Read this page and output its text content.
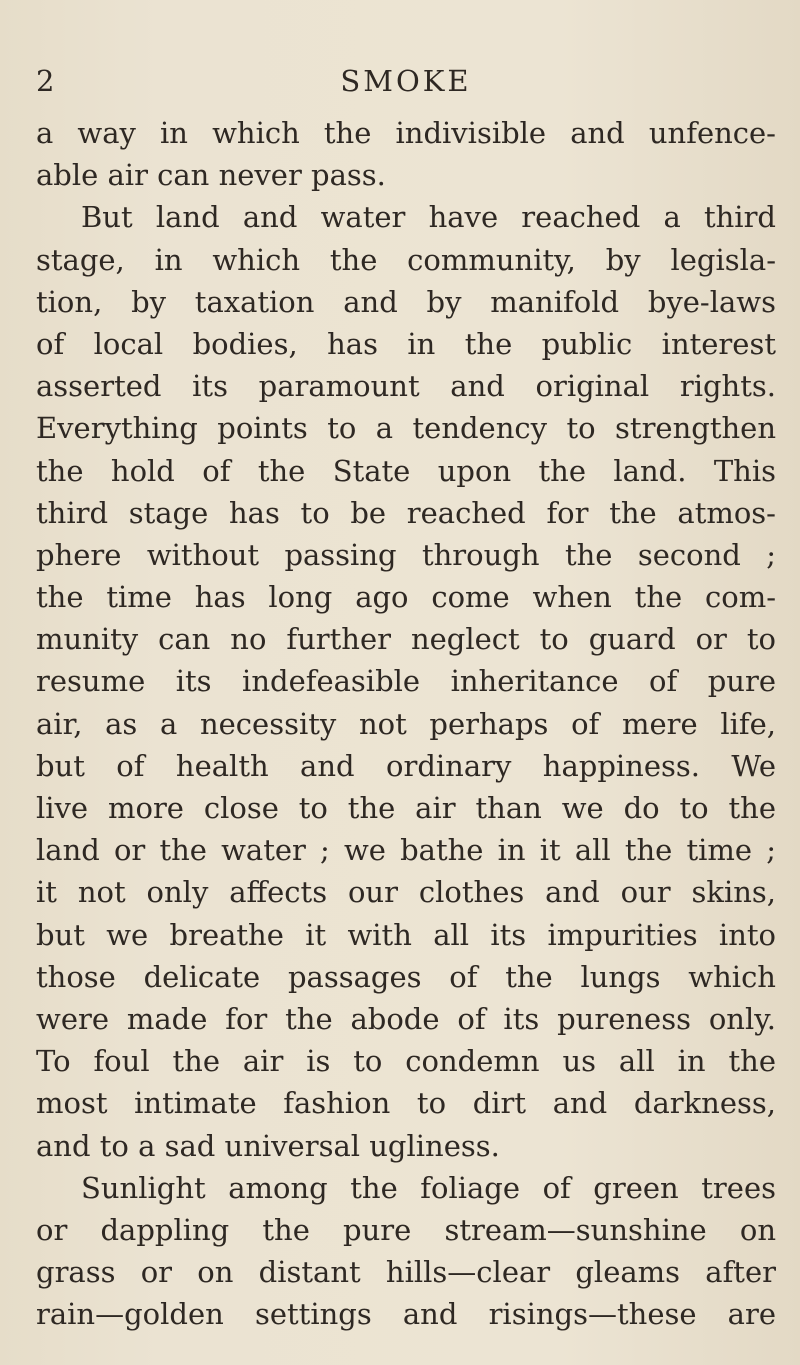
2	SMOKE
a way in which the indivisible and unfence-
able air can never pass.
But land and water have reached a third
stage, in which the community, by legisla-
tion, by taxation and by manifold bye-laws
of local bodies, has in the public interest
asserted its paramount and original rights.
Everything points to a tendency to strengthen
the hold of the State upon the land. This
third stage has to be reached for the atmos-
phere without passing through the second ;
the time has long ago come when the com-
munity can no further neglect to guard or to
resume its indefeasible inheritance of pure
air, as a necessity not perhaps of mere life,
but of health and ordinary happiness. We
live more close to the air than we do to the
land or the water ; we bathe in it all the time ;
it not only affects our clothes and our skins,
but we breathe it with all its impurities into
those delicate passages of the lungs which
were made for the abode of its pureness only.
To foul the air is to condemn us all in the
most intimate fashion to dirt and darkness,
and to a sad universal ugliness.
Sunlight among the foliage of green trees
or dappling the pure stream—sunshine on
grass or on distant hills—clear gleams after
rain—golden settings and risings—these are
